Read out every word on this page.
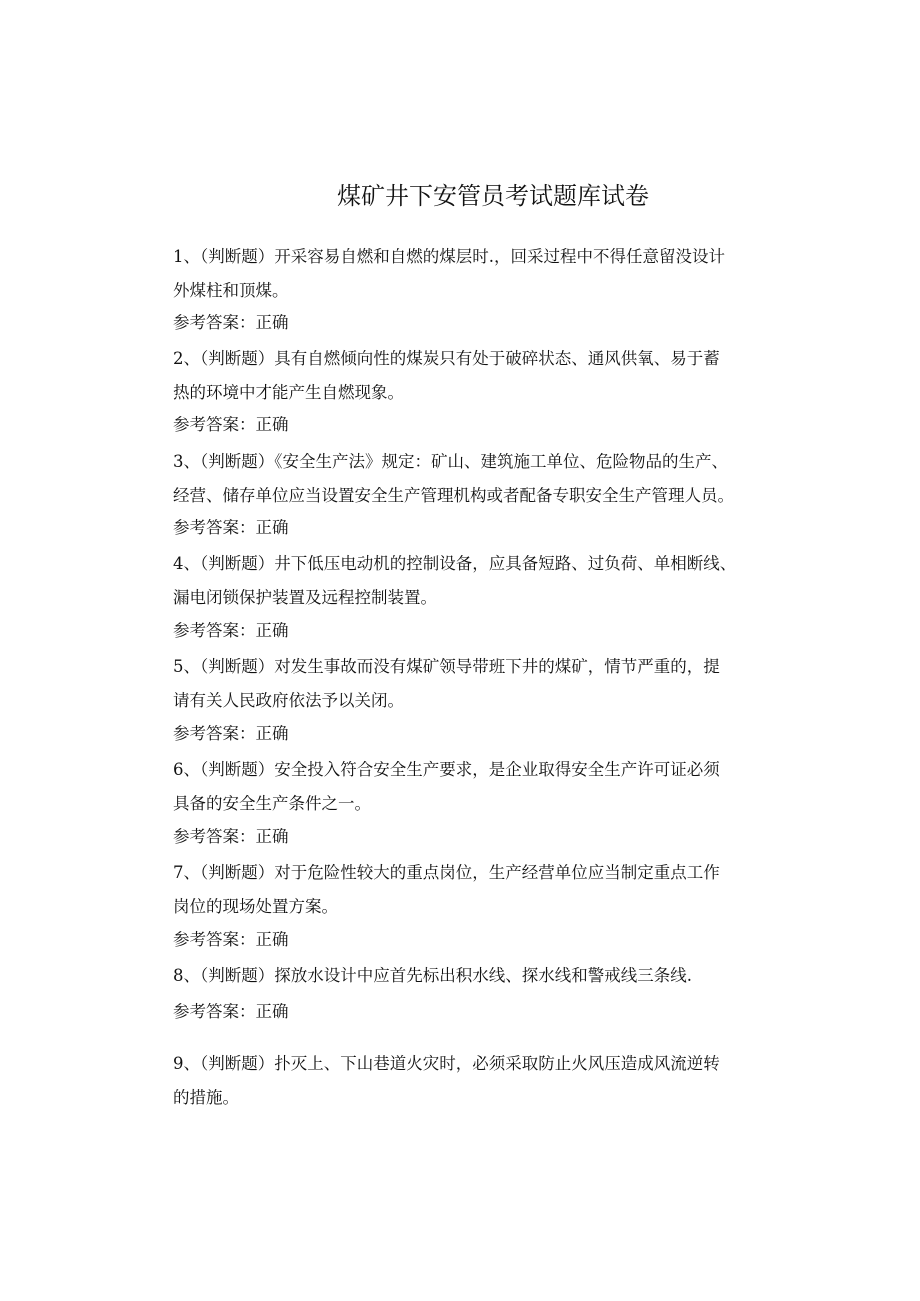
煤矿井下安管员考试题库试卷
1、（判断题）开采容易自燃和自燃的煤层时.，回采过程中不得任意留没设计
外煤柱和顶煤。
参考答案：正确
2、（判断题）具有自燃倾向性的煤炭只有处于破碎状态、通风供氧、易于蓄
热的环境中才能产生自燃现象。
参考答案：正确
3、（判断题）《安全生产法》规定：矿山、建筑施工单位、危险物品的生产、
经营、储存单位应当设置安全生产管理机构或者配备专职安全生产管理人员。
参考答案：正确
4、（判断题）井下低压电动机的控制设备，应具备短路、过负荷、单相断线、
漏电闭锁保护装置及远程控制装置。
参考答案：正确
5、（判断题）对发生事故而没有煤矿领导带班下井的煤矿，情节严重的，提
请有关人民政府依法予以关闭。
参考答案：正确
6、（判断题）安全投入符合安全生产要求，是企业取得安全生产许可证必须
具备的安全生产条件之一。
参考答案：正确
7、（判断题）对于危险性较大的重点岗位，生产经营单位应当制定重点工作
岗位的现场处置方案。
参考答案：正确
8、（判断题）探放水设计中应首先标出积水线、探水线和警戒线三条线.
参考答案：正确
9、（判断题）扑灭上、下山巷道火灾时，必须采取防止火风压造成风流逆转
的措施。
